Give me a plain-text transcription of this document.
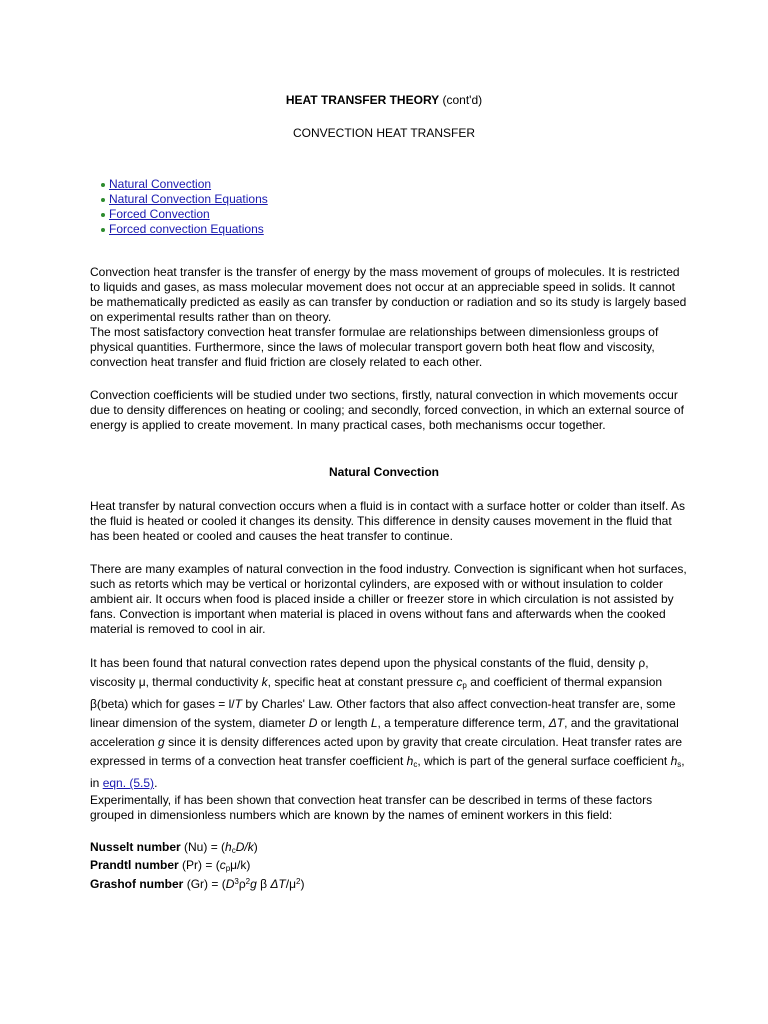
HEAT TRANSFER THEORY (cont'd)
CONVECTION HEAT TRANSFER
Natural Convection
Natural Convection Equations
Forced Convection
Forced convection Equations
Convection heat transfer is the transfer of energy by the mass movement of groups of molecules. It is restricted to liquids and gases, as mass molecular movement does not occur at an appreciable speed in solids. It cannot be mathematically predicted as easily as can transfer by conduction or radiation and so its study is largely based on experimental results rather than on theory.
The most satisfactory convection heat transfer formulae are relationships between dimensionless groups of physical quantities. Furthermore, since the laws of molecular transport govern both heat flow and viscosity, convection heat transfer and fluid friction are closely related to each other.
Convection coefficients will be studied under two sections, firstly, natural convection in which movements occur due to density differences on heating or cooling; and secondly, forced convection, in which an external source of energy is applied to create movement. In many practical cases, both mechanisms occur together.
Natural Convection
Heat transfer by natural convection occurs when a fluid is in contact with a surface hotter or colder than itself. As the fluid is heated or cooled it changes its density. This difference in density causes movement in the fluid that has been heated or cooled and causes the heat transfer to continue.
There are many examples of natural convection in the food industry. Convection is significant when hot surfaces, such as retorts which may be vertical or horizontal cylinders, are exposed with or without insulation to colder ambient air. It occurs when food is placed inside a chiller or freezer store in which circulation is not assisted by fans. Convection is important when material is placed in ovens without fans and afterwards when the cooked material is removed to cool in air.
It has been found that natural convection rates depend upon the physical constants of the fluid, density ρ, viscosity μ, thermal conductivity k, specific heat at constant pressure $c_p$ and coefficient of thermal expansion β(beta) which for gases = l/T by Charles' Law. Other factors that also affect convection-heat transfer are, some linear dimension of the system, diameter D or length L, a temperature difference term, ΔT, and the gravitational acceleration g since it is density differences acted upon by gravity that create circulation. Heat transfer rates are expressed in terms of a convection heat transfer coefficient $h_c$, which is part of the general surface coefficient $h_s$, in eqn. (5.5).
Experimentally, if has been shown that convection heat transfer can be described in terms of these factors grouped in dimensionless numbers which are known by the names of eminent workers in this field:
Nusselt number $(Nu) = (h_cD/k)$
Prandtl number $(Pr) = (c_p\mu/k)$
Grashof number $(Gr) = (D^3\rho^2g$ β $\Delta T/\mu^2$)
